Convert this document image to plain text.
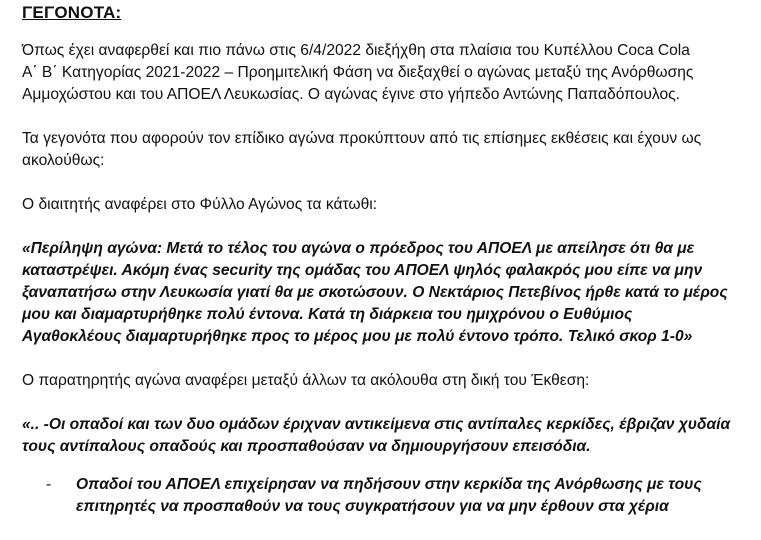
ΓΕΓΟΝΟΤΑ:

Όπως έχει αναφερθεί και πιο πάνω στις 6/4/2022 διεξήχθη στα πλαίσια του Κυπέλλου Coca Cola
Α΄ Β΄ Κατηγορίας 2021-2022 – Προημιτελική Φάση να διεξαχθεί ο αγώνας μεταξύ της Ανόρθωσης
Αμμοχώστου και του ΑΠΟΕΛ Λευκωσίας. Ο αγώνας έγινε στο γήπεδο Αντώνης Παπαδόπουλος.

Τα γεγονότα που αφορούν τον επίδικο αγώνα προκύπτουν από τις επίσημες εκθέσεις και έχουν ως
ακολούθως:

Ο διαιτητής αναφέρει στο Φύλλο Αγώνος τα κάτωθι:

«Περίληψη αγώνα: Μετά το τέλος του αγώνα ο πρόεδρος του ΑΠΟΕΛ με απείλησε ότι θα με
καταστρέψει. Ακόμη ένας security της ομάδας του ΑΠΟΕΛ ψηλός φαλακρός μου είπε να μην
ξαναπατήσω στην Λευκωσία γιατί θα με σκοτώσουν. Ο Νεκτάριος Πετεβίνος ήρθε κατά το μέρος
μου και διαμαρτυρήθηκε πολύ έντονα. Κατά τη διάρκεια του ημιχρόνου ο Ευθύμιος
Αγαθοκλέους διαμαρτυρήθηκε προς το μέρος μου με πολύ έντονο τρόπο. Τελικό σκορ 1-0»

Ο παρατηρητής αγώνα αναφέρει μεταξύ άλλων τα ακόλουθα στη δική του Έκθεση:

«.. -Οι οπαδοί και των δυο ομάδων έριχναν αντικείμενα στις αντίπαλες κερκίδες, έβριζαν χυδαία
τους αντίπαλους οπαδούς και προσπαθούσαν να δημιουργήσουν επεισόδια.

- Οπαδοί του ΑΠΟΕΛ επιχείρησαν να πηδήσουν στην κερκίδα της Ανόρθωσης με τους
επιτηρητές να προσπαθούν να τους συγκρατήσουν για να μην έρθουν στα χέρια
